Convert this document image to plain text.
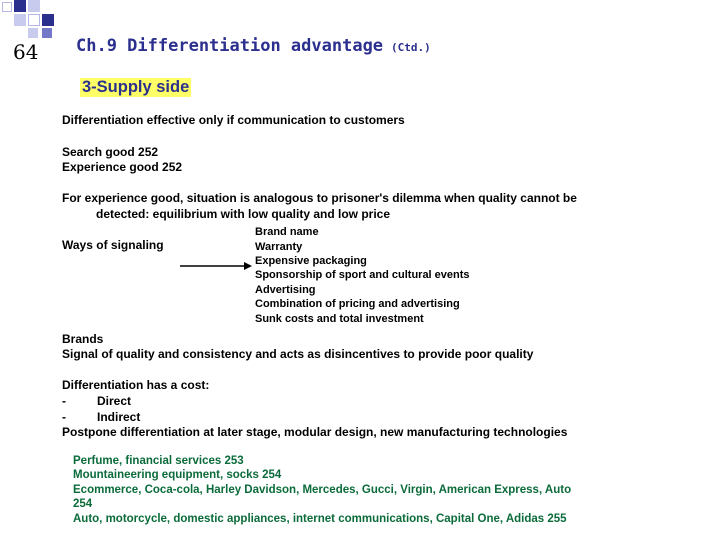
64 Ch.9 Differentiation advantage (Ctd.)
3-Supply side
Differentiation effective only if communication to customers
Search good 252
Experience good 252
For experience good, situation is analogous to prisoner's dilemma when quality cannot be
detected: equilibrium with low quality and low price
Ways of signaling
Brand name
Warranty
Expensive packaging
Sponsorship of sport and cultural events
Advertising
Combination of pricing and advertising
Sunk costs and total investment
Brands
Signal of quality and consistency and acts as disincentives to provide poor quality
Differentiation has a cost:
-	Direct
-	Indirect
Postpone differentiation at later stage, modular design, new manufacturing technologies
Perfume, financial services 253
Mountaineering equipment, socks 254
Ecommerce, Coca-cola, Harley Davidson, Mercedes, Gucci, Virgin, American Express, Auto
254
Auto, motorcycle, domestic appliances, internet communications, Capital One, Adidas 255
